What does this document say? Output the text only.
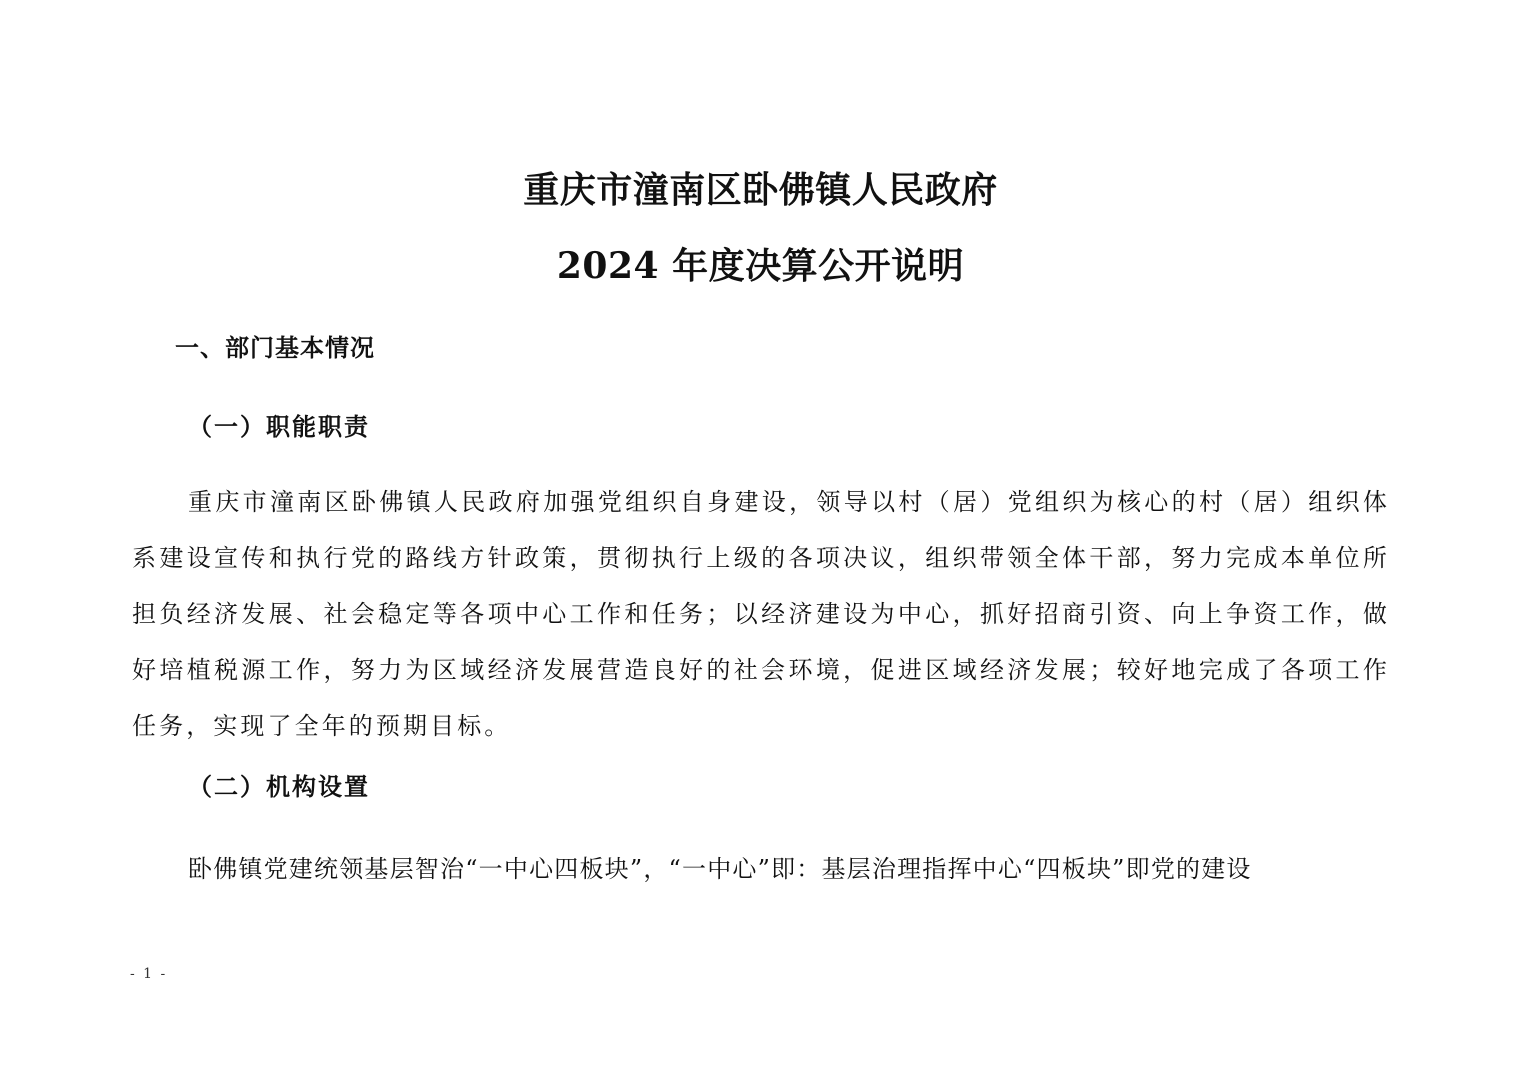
重庆市潼南区卧佛镇人民政府
2024 年度决算公开说明
一、部门基本情况
（一）职能职责

重庆市潼南区卧佛镇人民政府加强党组织自身建设，领导以村（居）党组织为核心的村（居）组织体系建设宣传和执行党的路线方针政策，贯彻执行上级的各项决议，组织带领全体干部，努力完成本单位所担负经济发展、社会稳定等各项中心工作和任务；以经济建设为中心，抓好招商引资、向上争资工作，做好培植税源工作，努力为区域经济发展营造良好的社会环境，促进区域经济发展；较好地完成了各项工作任务，实现了全年的预期目标。

（二）机构设置

卧佛镇党建统领基层智治“一中心四板块”，“一中心”即：基层治理指挥中心“四板块”即党的建设

- 1 -
